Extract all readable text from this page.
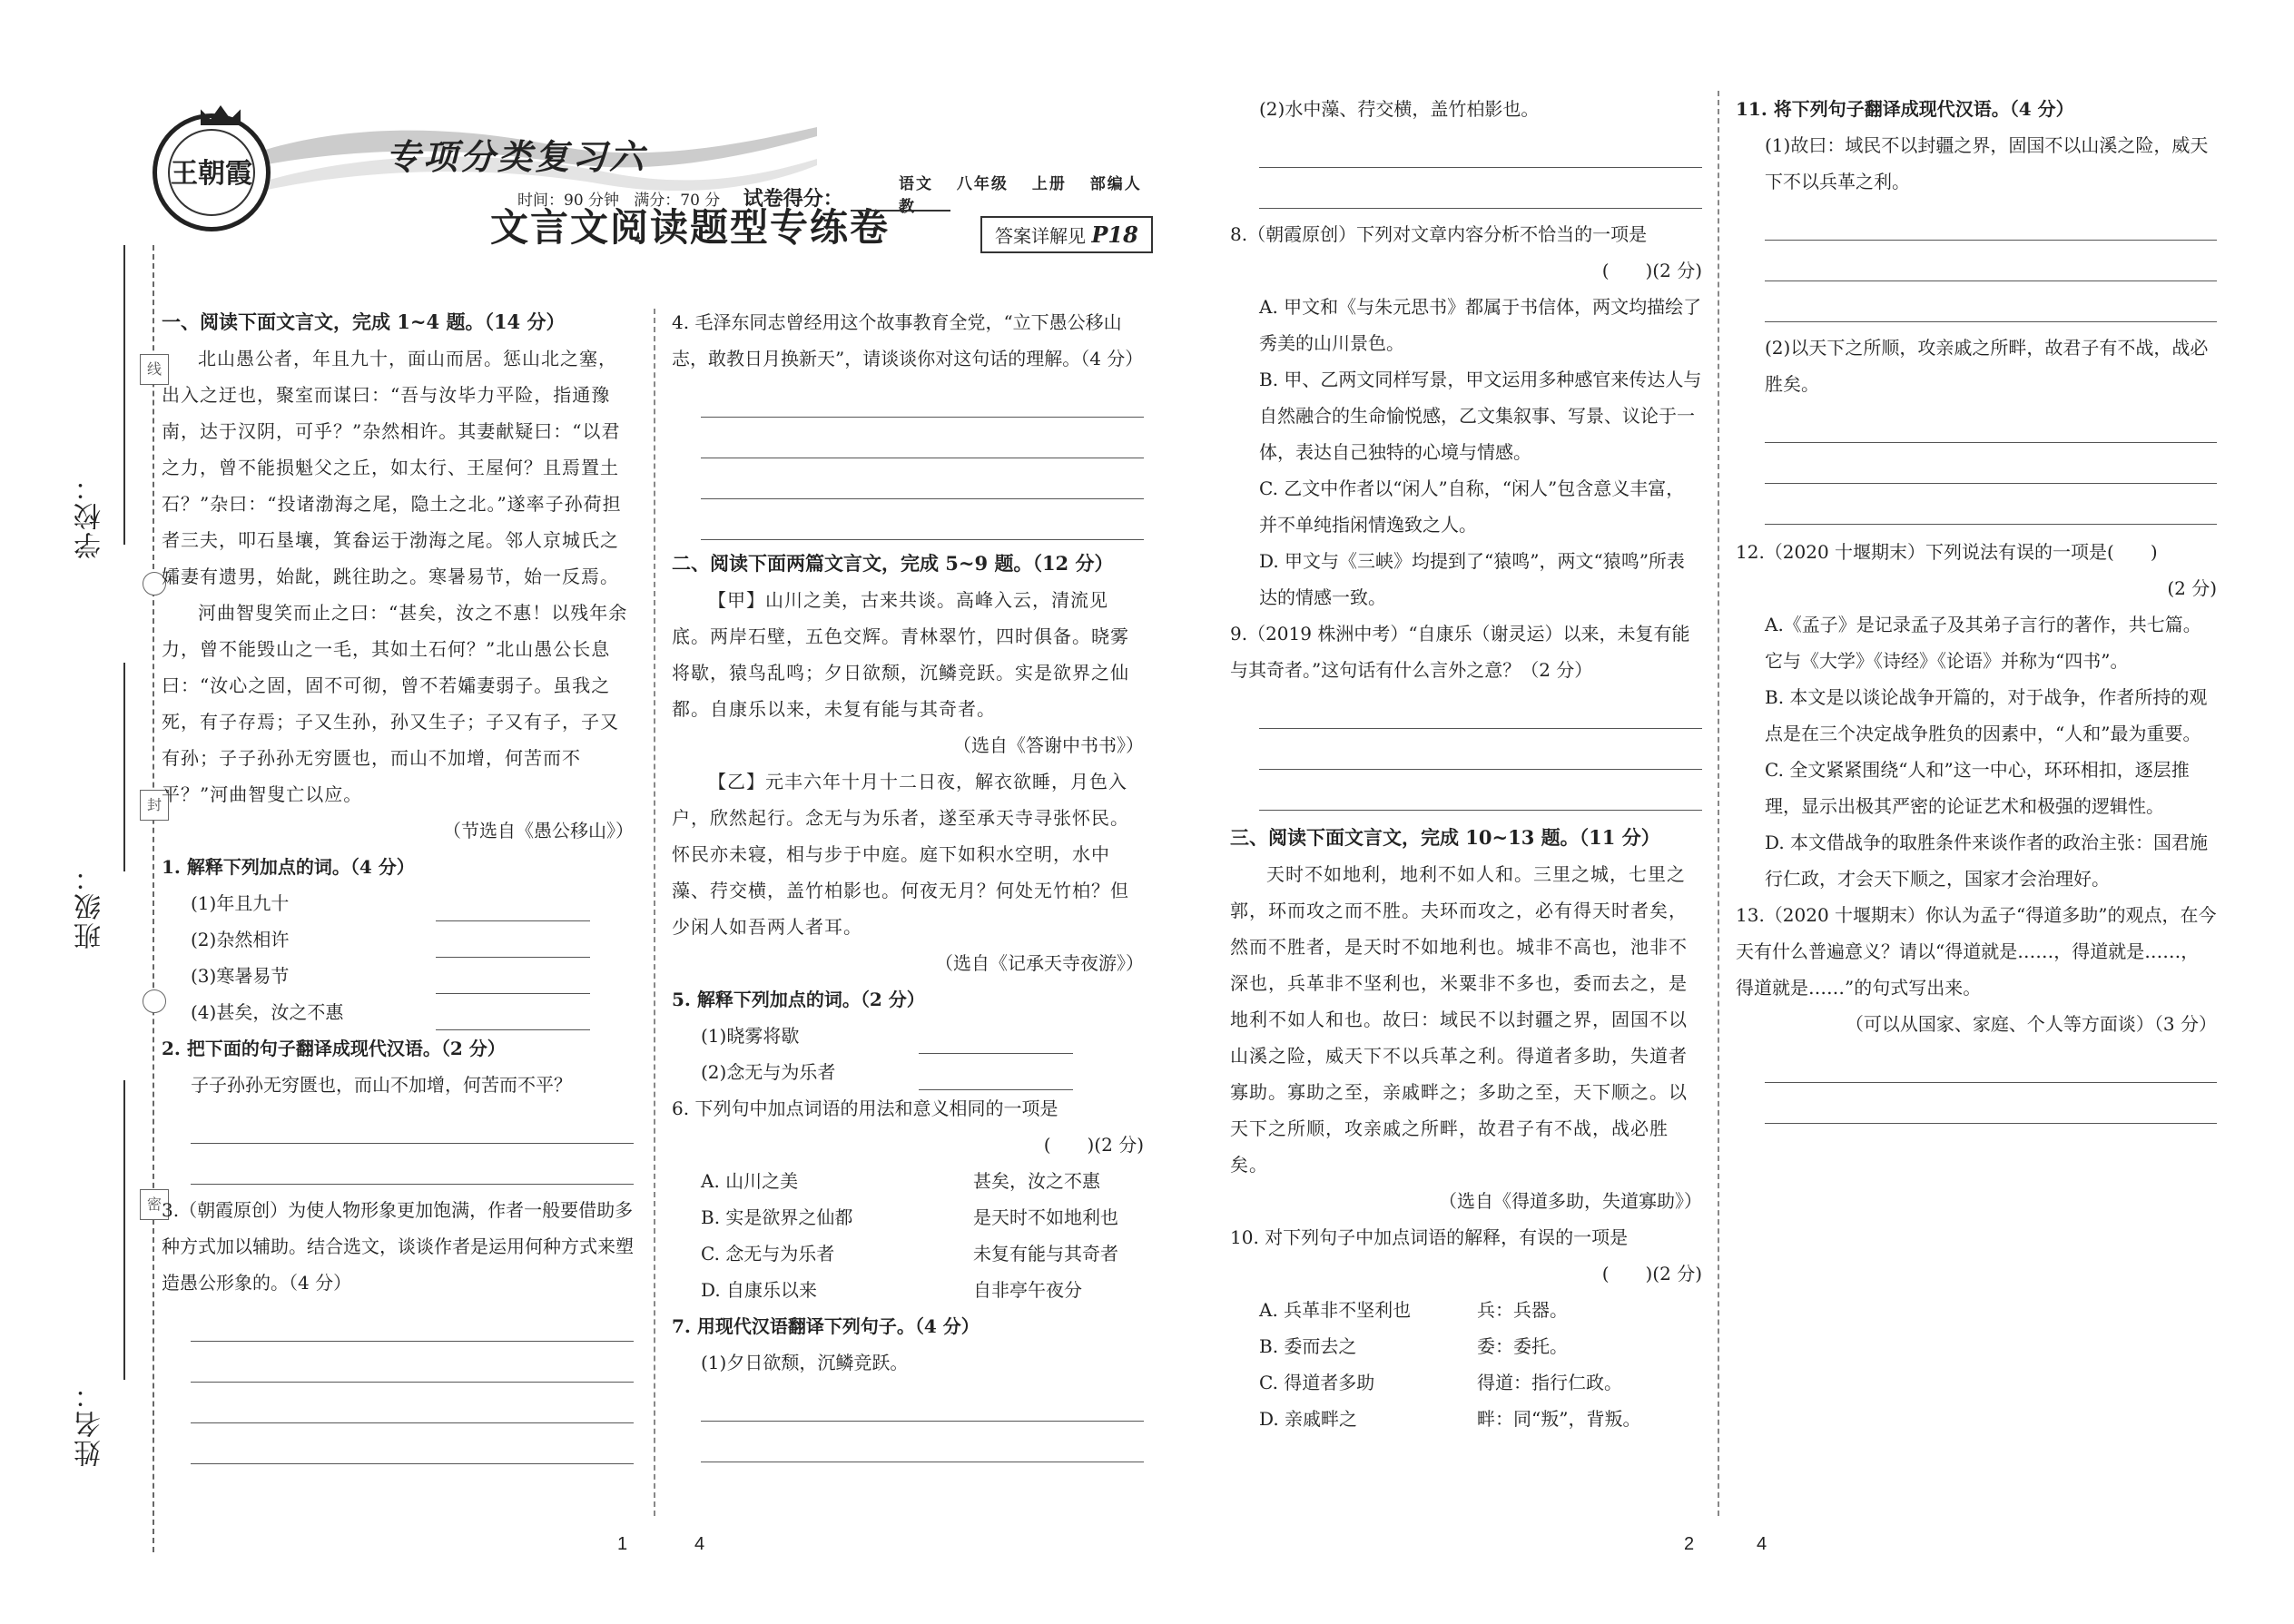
学校：
班级：
姓名：
线
封
密
王朝霞	专项分类复习六
语文 八年级 上册 部编人教
文言文阅读题型专练卷	答案详解见 P18
时间：90 分钟 满分：70 分 试卷得分：

一、阅读下面文言文，完成 1~4 题。（14 分）

北山愚公者，年且九十，面山而居。惩山北之塞，出入之迂也，聚室而谋曰：“吾与汝毕力平险，指通豫南，达于汉阴，可乎？”杂然相许。其妻献疑曰：“以君之力，曾不能损魁父之丘，如太行、王屋何？且焉置土石？”杂曰：“投诸渤海之尾，隐土之北。”遂率子孙荷担者三夫，叩石垦壤，箕畚运于渤海之尾。邻人京城氏之孀妻有遗男，始龀，跳往助之。寒暑易节，始一反焉。

河曲智叟笑而止之曰：“甚矣，汝之不惠！以残年余力，曾不能毁山之一毛，其如土石何？”北山愚公长息曰：“汝心之固，固不可彻，曾不若孀妻弱子。虽我之死，有子存焉；子又生孙，孙又生子；子又有子，子又有孙；子子孙孙无穷匮也，而山不加增，何苦而不平？”河曲智叟亡以应。

（节选自《愚公移山》）

1. 解释下列加点的词。（4 分）

(1)年且九十

(2)杂然相许

(3)寒暑易节

(4)甚矣，汝之不惠

2. 把下面的句子翻译成现代汉语。（2 分）

子子孙孙无穷匮也，而山不加增，何苦而不平？

3.（朝霞原创）为使人物形象更加饱满，作者一般要借助多种方式加以辅助。结合选文，谈谈作者是运用何种方式来塑造愚公形象的。（4 分）

4. 毛泽东同志曾经用这个故事教育全党，“立下愚公移山志，敢教日月换新天”，请谈谈你对这句话的理解。（4 分）

二、阅读下面两篇文言文，完成 5~9 题。（12 分）

【甲】山川之美，古来共谈。高峰入云，清流见底。两岸石壁，五色交辉。青林翠竹，四时俱备。晓雾将歇，猿鸟乱鸣；夕日欲颓，沉鳞竞跃。实是欲界之仙都。自康乐以来，未复有能与其奇者。

（选自《答谢中书书》）

【乙】元丰六年十月十二日夜，解衣欲睡，月色入户，欣然起行。念无与为乐者，遂至承天寺寻张怀民。怀民亦未寝，相与步于中庭。庭下如积水空明，水中藻、荇交横，盖竹柏影也。何夜无月？何处无竹柏？但少闲人如吾两人者耳。

（选自《记承天寺夜游》）

5. 解释下列加点的词。（2 分）

(1)晓雾将歇

(2)念无与为乐者

6. 下列句中加点词语的用法和意义相同的一项是

(　　)(2 分)

A. 山川之美	甚矣，汝之不惠

B. 实是欲界之仙都	是天时不如地利也

C. 念无与为乐者	未复有能与其奇者

D. 自康乐以来	自非亭午夜分

7. 用现代汉语翻译下列句子。（4 分）

(1)夕日欲颓，沉鳞竞跃。

(2)水中藻、荇交横，盖竹柏影也。

8.（朝霞原创）下列对文章内容分析不恰当的一项是

(　　)(2 分)

A. 甲文和《与朱元思书》都属于书信体，两文均描绘了秀美的山川景色。

B. 甲、乙两文同样写景，甲文运用多种感官来传达人与自然融合的生命愉悦感，乙文集叙事、写景、议论于一体，表达自己独特的心境与情感。

C. 乙文中作者以“闲人”自称，“闲人”包含意义丰富，并不单纯指闲情逸致之人。

D. 甲文与《三峡》均提到了“猿鸣”，两文“猿鸣”所表达的情感一致。

9.（2019 株洲中考）“自康乐（谢灵运）以来，未复有能与其奇者。”这句话有什么言外之意？（2 分）

三、阅读下面文言文，完成 10~13 题。（11 分）

天时不如地利，地利不如人和。三里之城，七里之郭，环而攻之而不胜。夫环而攻之，必有得天时者矣，然而不胜者，是天时不如地利也。城非不高也，池非不深也，兵革非不坚利也，米粟非不多也，委而去之，是地利不如人和也。故曰：域民不以封疆之界，固国不以山溪之险，威天下不以兵革之利。得道者多助，失道者寡助。寡助之至，亲戚畔之；多助之至，天下顺之。以天下之所顺，攻亲戚之所畔，故君子有不战，战必胜矣。

（选自《得道多助，失道寡助》）

10. 对下列句子中加点词语的解释，有误的一项是

(　　)(2 分)

A. 兵革非不坚利也	兵：兵器。

B. 委而去之	委：委托。

C. 得道者多助	得道：指行仁政。

D. 亲戚畔之	畔：同“叛”，背叛。

11. 将下列句子翻译成现代汉语。（4 分）

(1)故曰：域民不以封疆之界，固国不以山溪之险，威天下不以兵革之利。

(2)以天下之所顺，攻亲戚之所畔，故君子有不战，战必胜矣。

12.（2020 十堰期末）下列说法有误的一项是(　　)

(2 分)

A.《孟子》是记录孟子及其弟子言行的著作，共七篇。它与《大学》《诗经》《论语》并称为“四书”。

B. 本文是以谈论战争开篇的，对于战争，作者所持的观点是在三个决定战争胜负的因素中，“人和”最为重要。

C. 全文紧紧围绕“人和”这一中心，环环相扣，逐层推理，显示出极其严密的论证艺术和极强的逻辑性。

D. 本文借战争的取胜条件来谈作者的政治主张：国君施行仁政，才会天下顺之，国家才会治理好。

13.（2020 十堰期末）你认为孟子“得道多助”的观点，在今天有什么普遍意义？请以“得道就是……，得道就是……，得道就是……”的句式写出来。

（可以从国家、家庭、个人等方面谈）（3 分）

1	4	2	4
